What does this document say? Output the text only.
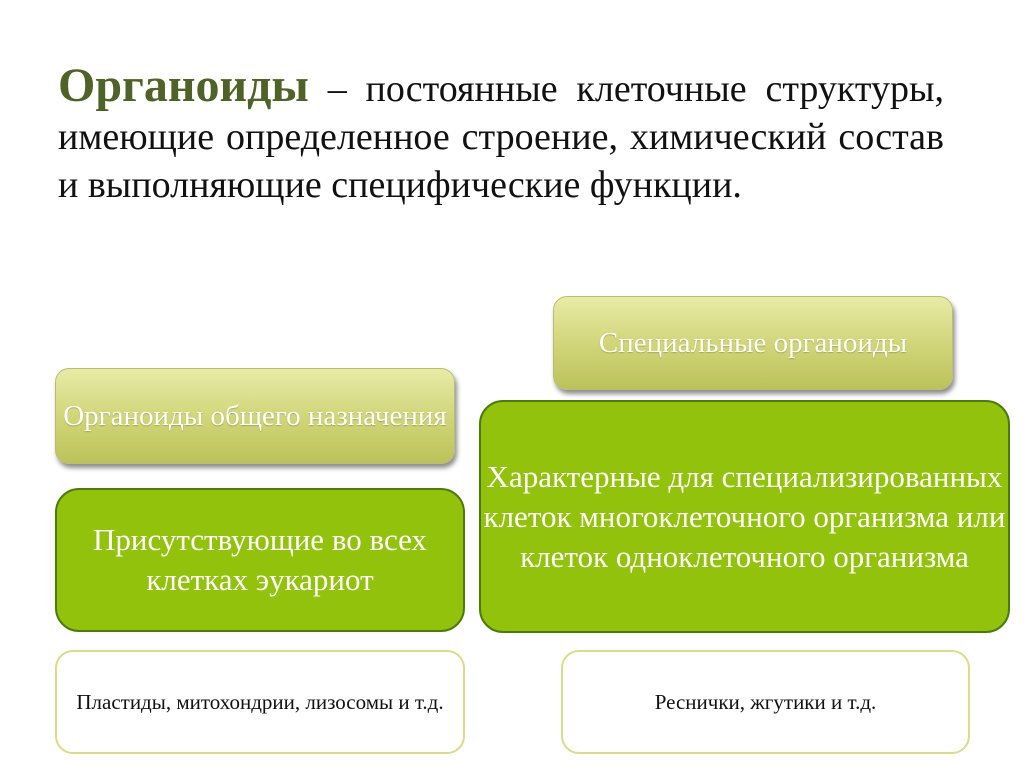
Органоиды – постоянные клеточные структуры, имеющие определенное строение, химический состав и выполняющие специфические функции.
Органоиды общего назначения
Специальные органоиды
Присутствующие во всех клетках эукариот
Характерные для специализированных клеток многоклеточного организма или клеток одноклеточного организма
Пластиды, митохондрии, лизосомы и т.д.	Реснички, жгутики и т.д.
